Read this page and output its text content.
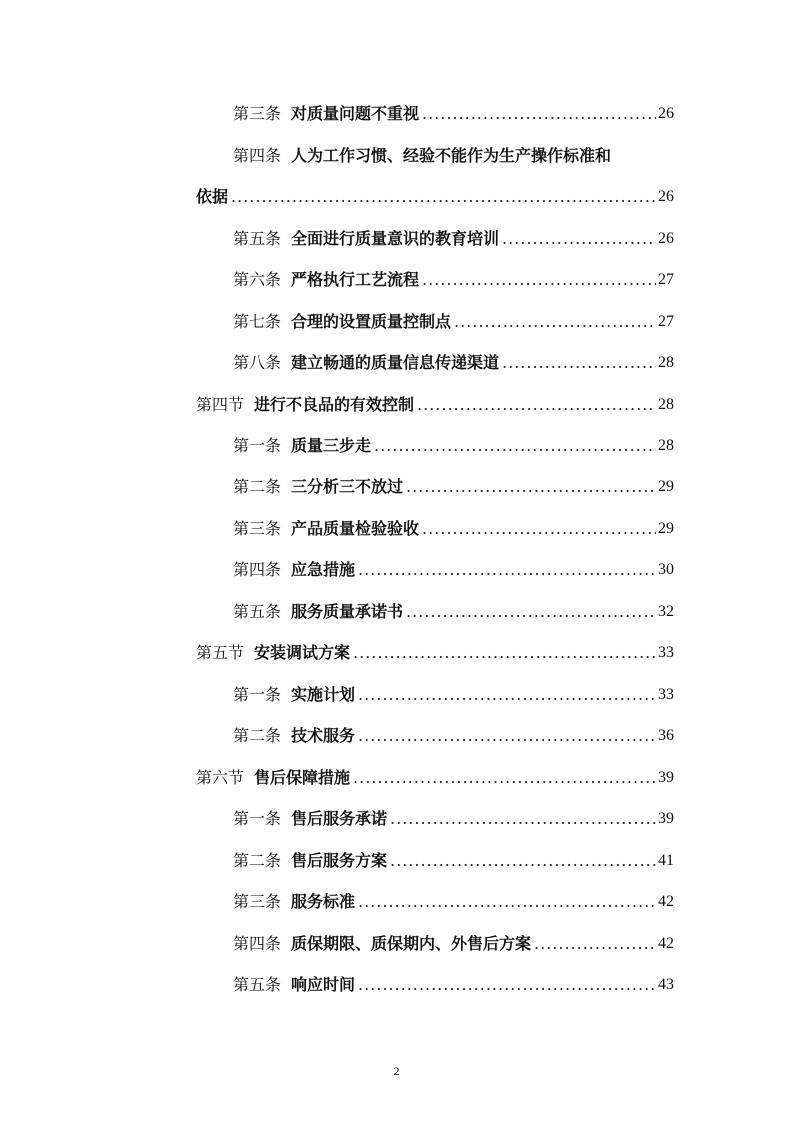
第三条 对质量问题不重视 .....	26
第四条 人为工作习惯、经验不能作为生产操作标准和
依据 .....	26
第五条 全面进行质量意识的教育培训 .....	26
第六条 严格执行工艺流程 .....	27
第七条 合理的设置质量控制点 .....	27
第八条 建立畅通的质量信息传递渠道 .....	28
第四节 进行不良品的有效控制 .....	28
第一条 质量三步走 .....	28
第二条 三分析三不放过 .....	29
第三条 产品质量检验验收 .....	29
第四条 应急措施 .....	30
第五条 服务质量承诺书 .....	32
第五节 安装调试方案 .....	33
第一条 实施计划 .....	33
第二条 技术服务 .....	36
第六节 售后保障措施 .....	39
第一条 售后服务承诺 .....	39
第二条 售后服务方案 .....	41
第三条 服务标准 .....	42
第四条 质保期限、质保期内、外售后方案 .....	42
第五条 响应时间 .....	43
2
